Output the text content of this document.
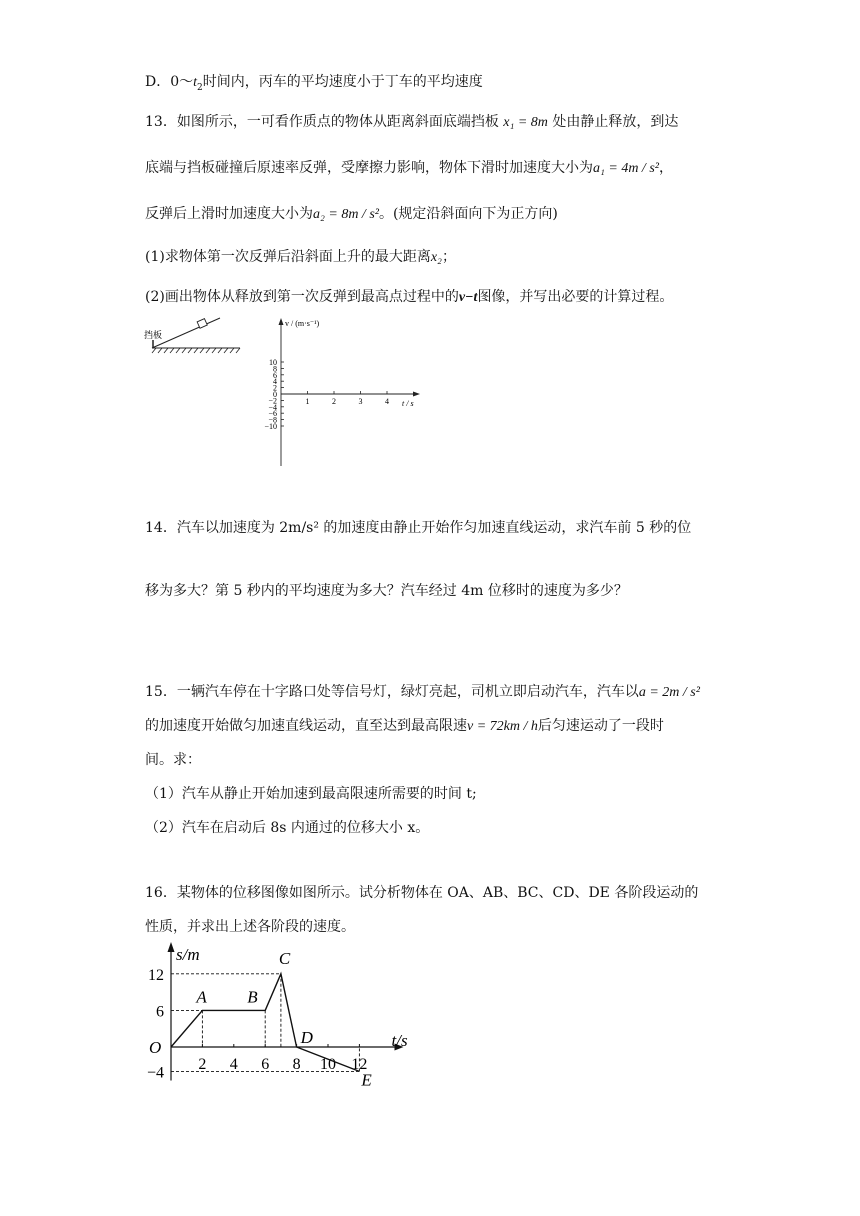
D．$0\sim t_2$时间内，丙车的平均速度小于丁车的平均速度
13．如图所示，一可看作质点的物体从距离斜面底端挡板 x₁ = 8m 处由静止释放，到达
底端与挡板碰撞后原速率反弹，受摩擦力影响，物体下滑时加速度大小为a₁ = 4m / s²，
反弹后上滑时加速度大小为a₂ = 8m / s²。(规定沿斜面向下为正方向)
(1)求物体第一次反弹后沿斜面上升的最大距离x₂；
(2)画出物体从释放到第一次反弹到最高点过程中的v−t图像，并写出必要的计算过程。
挡板
10
8
6
4
2
0
−2
−4
−6
−8
−10
1	2	3	4
v / (m·s⁻¹)
t / s
14．汽车以加速度为 2m/s² 的加速度由静止开始作匀加速直线运动，求汽车前 5 秒的位
移为多大？第 5 秒内的平均速度为多大？汽车经过 4m 位移时的速度为多少？
15．一辆汽车停在十字路口处等信号灯，绿灯亮起，司机立即启动汽车，汽车以a = 2m / s²
的加速度开始做匀加速直线运动，直至达到最高限速v = 72km / h后匀速运动了一段时
间。求：
（1）汽车从静止开始加速到最高限速所需要的时间 t;
（2）汽车在启动后 8s 内通过的位移大小 x。
16．某物体的位移图像如图所示。试分析物体在 OA、AB、BC、CD、DE 各阶段运动的
性质，并求出上述各阶段的速度。
s/m
t/s
O
12
6
−4 2 4 6 8 10 12
A B
C
D
E
